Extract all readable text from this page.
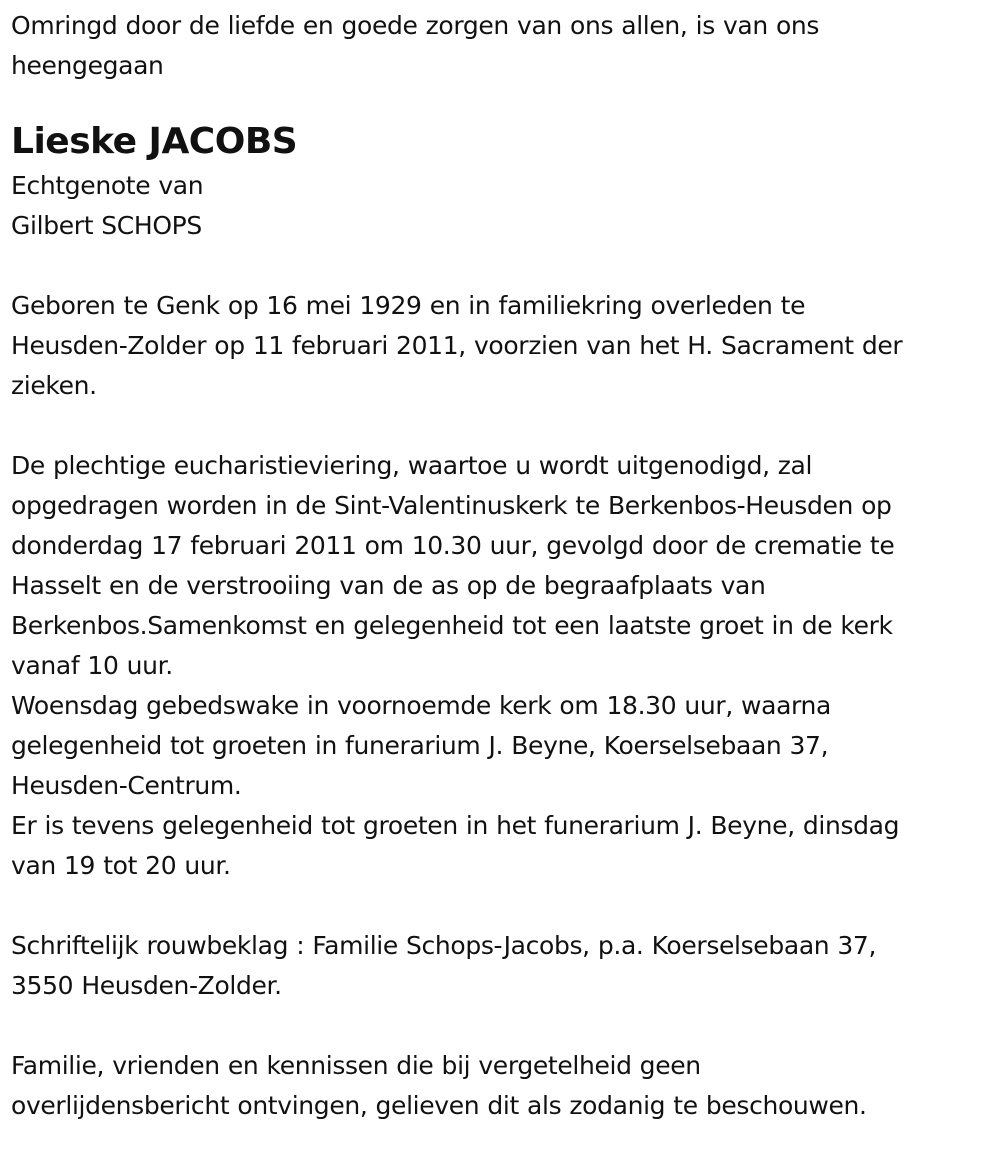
Omringd door de liefde en goede zorgen van ons allen, is van ons
heengegaan
Lieske JACOBS
Echtgenote van
Gilbert SCHOPS
Geboren te Genk op 16 mei 1929 en in familiekring overleden te
Heusden-Zolder op 11 februari 2011, voorzien van het H. Sacrament der
zieken.
De plechtige eucharistieviering, waartoe u wordt uitgenodigd, zal
opgedragen worden in de Sint-Valentinuskerk te Berkenbos-Heusden op
donderdag 17 februari 2011 om 10.30 uur, gevolgd door de crematie te
Hasselt en de verstrooiing van de as op de begraafplaats van
Berkenbos.Samenkomst en gelegenheid tot een laatste groet in de kerk
vanaf 10 uur.
Woensdag gebedswake in voornoemde kerk om 18.30 uur, waarna
gelegenheid tot groeten in funerarium J. Beyne, Koerselsebaan 37,
Heusden-Centrum.
Er is tevens gelegenheid tot groeten in het funerarium J. Beyne, dinsdag
van 19 tot 20 uur.
Schriftelijk rouwbeklag : Familie Schops-Jacobs, p.a. Koerselsebaan 37,
3550 Heusden-Zolder.
Familie, vrienden en kennissen die bij vergetelheid geen
overlijdensbericht ontvingen, gelieven dit als zodanig te beschouwen.
